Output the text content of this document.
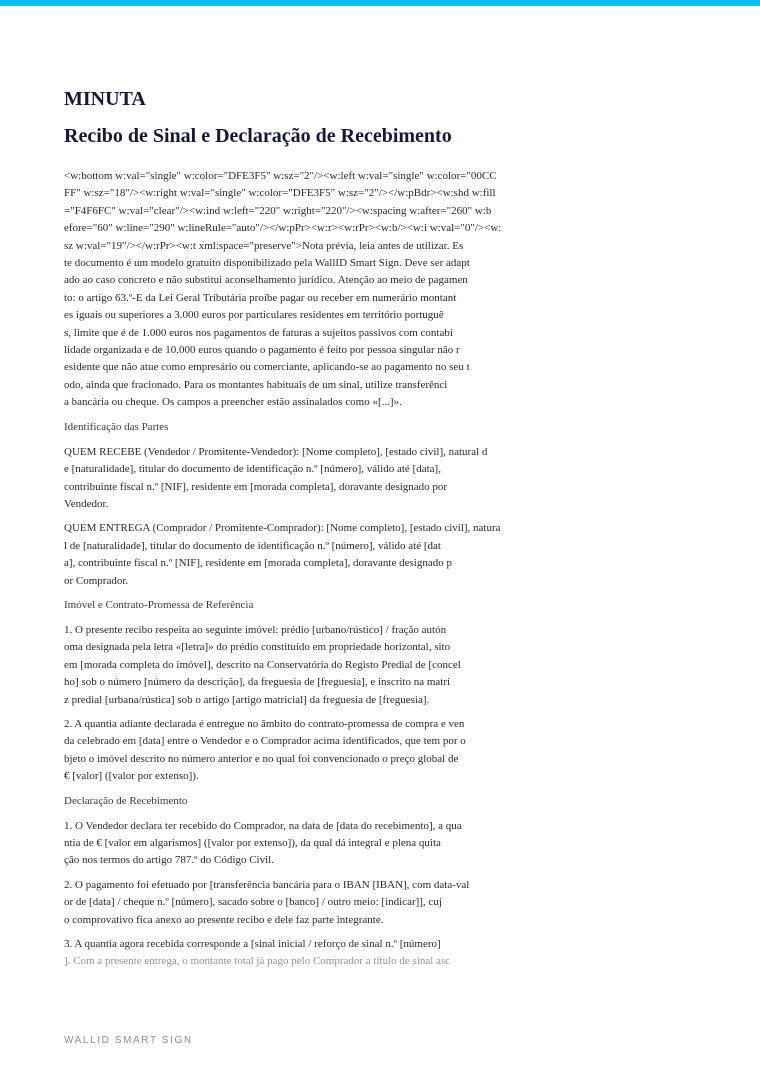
MINUTA
Recibo de Sinal e Declaração de Recebimento

<w:bottom w:val="single" w:color="DFE3F5" w:sz="2"/><w:left w:val="single" w:color="00CC
FF" w:sz="18"/><w:right w:val="single" w:color="DFE3F5" w:sz="2"/></w:pBdr><w:shd w:fill
="F4F6FC" w:val="clear"/><w:ind w:left="220" w:right="220"/><w:spacing w:after="260" w:b
efore="60" w:line="290" w:lineRule="auto"/></w:pPr><w:r><w:rPr><w:b/><w:i w:val="0"/><w:
sz w:val="19"/></w:rPr><w:t xml:space="preserve">Nota prévia, leia antes de utilizar. Es
te documento é um modelo gratuito disponibilizado pela WallID Smart Sign. Deve ser adapt
ado ao caso concreto e não substitui aconselhamento jurídico. Atenção ao meio de pagamen
to: o artigo 63.º-E da Lei Geral Tributária proíbe pagar ou receber em numerário montant
es iguais ou superiores a 3.000 euros por particulares residentes em território portuguê
s, limite que é de 1.000 euros nos pagamentos de faturas a sujeitos passivos com contabi
lidade organizada e de 10.000 euros quando o pagamento é feito por pessoa singular não r
esidente que não atue como empresário ou comerciante, aplicando-se ao pagamento no seu t
odo, ainda que fracionado. Para os montantes habituais de um sinal, utilize transferênci
a bancária ou cheque. Os campos a preencher estão assinalados como «[...]».

Identificação das Partes

QUEM RECEBE (Vendedor / Promitente-Vendedor): [Nome completo], [estado civil], natural d
e [naturalidade], titular do documento de identificação n.º [número], válido até [data],
contribuinte fiscal n.º [NIF], residente em [morada completa], doravante designado por
Vendedor.

QUEM ENTREGA (Comprador / Promitente-Comprador): [Nome completo], [estado civil], natura
l de [naturalidade], titular do documento de identificação n.º [número], válido até [dat
a], contribuinte fiscal n.º [NIF], residente em [morada completa], doravante designado p
or Comprador.

Imóvel e Contrato-Promessa de Referência

1. O presente recibo respeita ao seguinte imóvel: prédio [urbano/rústico] / fração autón
oma designada pela letra «[letra]» do prédio constituído em propriedade horizontal, sito
em [morada completa do imóvel], descrito na Conservatória do Registo Predial de [concel
ho] sob o número [número da descrição], da freguesia de [freguesia], e inscrito na matri
z predial [urbana/rústica] sob o artigo [artigo matricial] da freguesia de [freguesia].

2. A quantia adiante declarada é entregue no âmbito do contrato-promessa de compra e ven
da celebrado em [data] entre o Vendedor e o Comprador acima identificados, que tem por o
bjeto o imóvel descrito no número anterior e no qual foi convencionado o preço global de
€ [valor] ([valor por extenso]).

Declaração de Recebimento

1. O Vendedor declara ter recebido do Comprador, na data de [data do recebimento], a qua
ntia de € [valor em algarismos] ([valor por extenso]), da qual dá integral e plena quita
ção nos termos do artigo 787.º do Código Civil.

2. O pagamento foi efetuado por [transferência bancária para o IBAN [IBAN], com data-val
or de [data] / cheque n.º [número], sacado sobre o [banco] / outro meio: [indicar]], cuj
o comprovativo fica anexo ao presente recibo e dele faz parte integrante.

3. A quantia agora recebida corresponde a [sinal inicial / reforço de sinal n.º [número]
]. Com a presente entrega, o montante total já pago pelo Comprador a título de sinal asc

WALLID SMART SIGN
